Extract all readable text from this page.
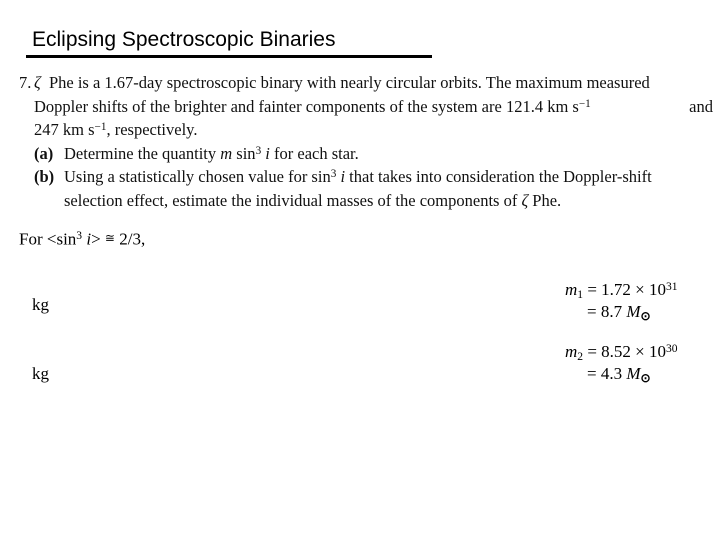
Eclipsing Spectroscopic Binaries
7. ζ Phe is a 1.67-day spectroscopic binary with nearly circular orbits. The maximum measured
Doppler shifts of the brighter and fainter components of the system are 121.4 km $s^{-1}$	and
247 km $s^{-1}$, respectively.
(a) Determine the quantity m $\sin^3 i$ for each star.
(b) Using a statistically chosen value for $\sin^3 i$ that takes into consideration the Doppler-shift
selection effect, estimate the individual masses of the components of ζ Phe.
For $<\sin^3$ i> ≅ 2/3,
kg
$m_1 = 1.72 \times 10^{31}$
= 8.7 M⊙
kg
$m_2 = 8.52 \times 10^{30}$
= 4.3 M⊙
